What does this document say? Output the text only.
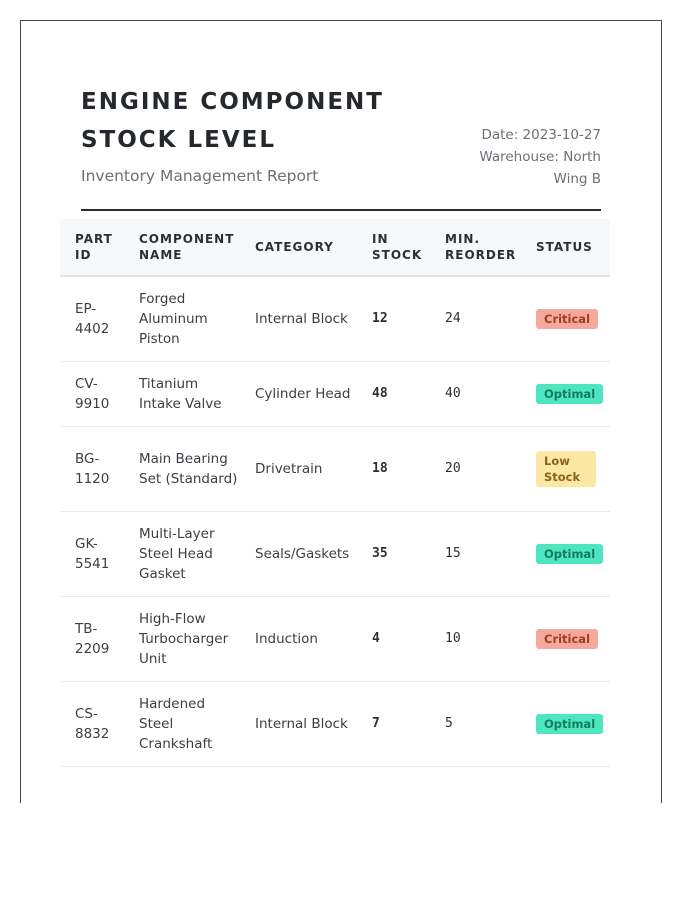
ENGINE COMPONENT STOCK LEVEL
Inventory Management Report
Date: 2023-10-27
Warehouse: North Wing B
PART ID	COMPONENT NAME	CATEGORY	IN STOCK	MIN. REORDER	STATUS
EP-4402	Forged Aluminum Piston	Internal Block	12	24	Critical
CV-9910	Titanium Intake Valve	Cylinder Head	48	40	Optimal
BG-1120	Main Bearing Set (Standard)	Drivetrain	18	20	Low Stock
GK-5541	Multi-Layer Steel Head Gasket	Seals/Gaskets	35	15	Optimal
TB-2209	High-Flow Turbocharger Unit	Induction	4	10	Critical
CS-8832	Hardened Steel Crankshaft	Internal Block	7	5	Optimal
